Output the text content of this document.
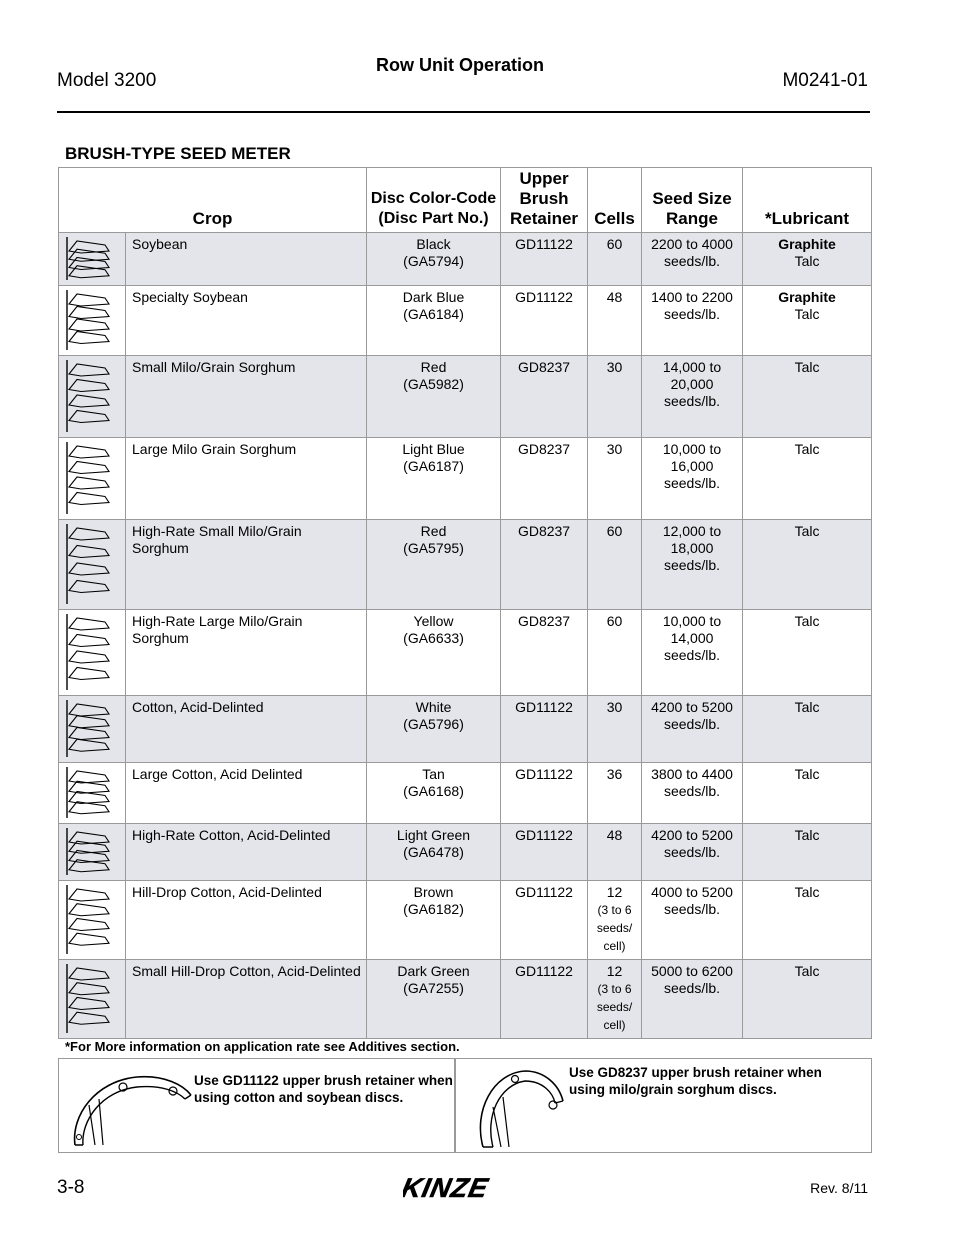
Model 3200
Row Unit Operation
M0241-01
BRUSH-TYPE SEED METER
Crop		Disc Color-Code
(Disc Part No.)	Upper
Brush
Retainer	Cells	Seed Size
Range	*Lubricant

	Soybean	Black
(GA5794)	GD11122	60	2200 to 4000
seeds/lb.	Graphite
Talc

	Specialty Soybean	Dark Blue
(GA6184)	GD11122	48	1400 to 2200
seeds/lb.	Graphite
Talc

	Small Milo/Grain Sorghum	Red
(GA5982)	GD8237	30	14,000 to
20,000
seeds/lb.	Talc

	Large Milo Grain Sorghum	Light Blue
(GA6187)	GD8237	30	10,000 to
16,000
seeds/lb.	Talc

	High-Rate Small Milo/Grain Sorghum	Red
(GA5795)	GD8237	60	12,000 to
18,000
seeds/lb.	Talc

	High-Rate Large Milo/Grain Sorghum	Yellow
(GA6633)	GD8237	60	10,000 to
14,000
seeds/lb.	Talc

	Cotton, Acid-Delinted	White
(GA5796)	GD11122	30	4200 to 5200
seeds/lb.	Talc

	Large Cotton, Acid Delinted	Tan
(GA6168)	GD11122	36	3800 to 4400
seeds/lb.	Talc

	High-Rate Cotton, Acid-Delinted	Light Green
(GA6478)	GD11122	48	4200 to 5200
seeds/lb.	Talc

	Hill-Drop Cotton, Acid-Delinted	Brown
(GA6182)	GD11122	12
(3 to 6 seeds/ cell)	4000 to 5200
seeds/lb.	Talc

	Small Hill-Drop Cotton, Acid-Delinted	Dark Green
(GA7255)	GD11122	12
(3 to 6 seeds/ cell)	5000 to 6200
seeds/lb.	Talc
*For More information on application rate see Additives section.
Use GD11122 upper brush retainer when using cotton and soybean discs.
Use GD8237 upper brush retainer when using milo/grain sorghum discs.
3-8	KINZE	Rev. 8/11
